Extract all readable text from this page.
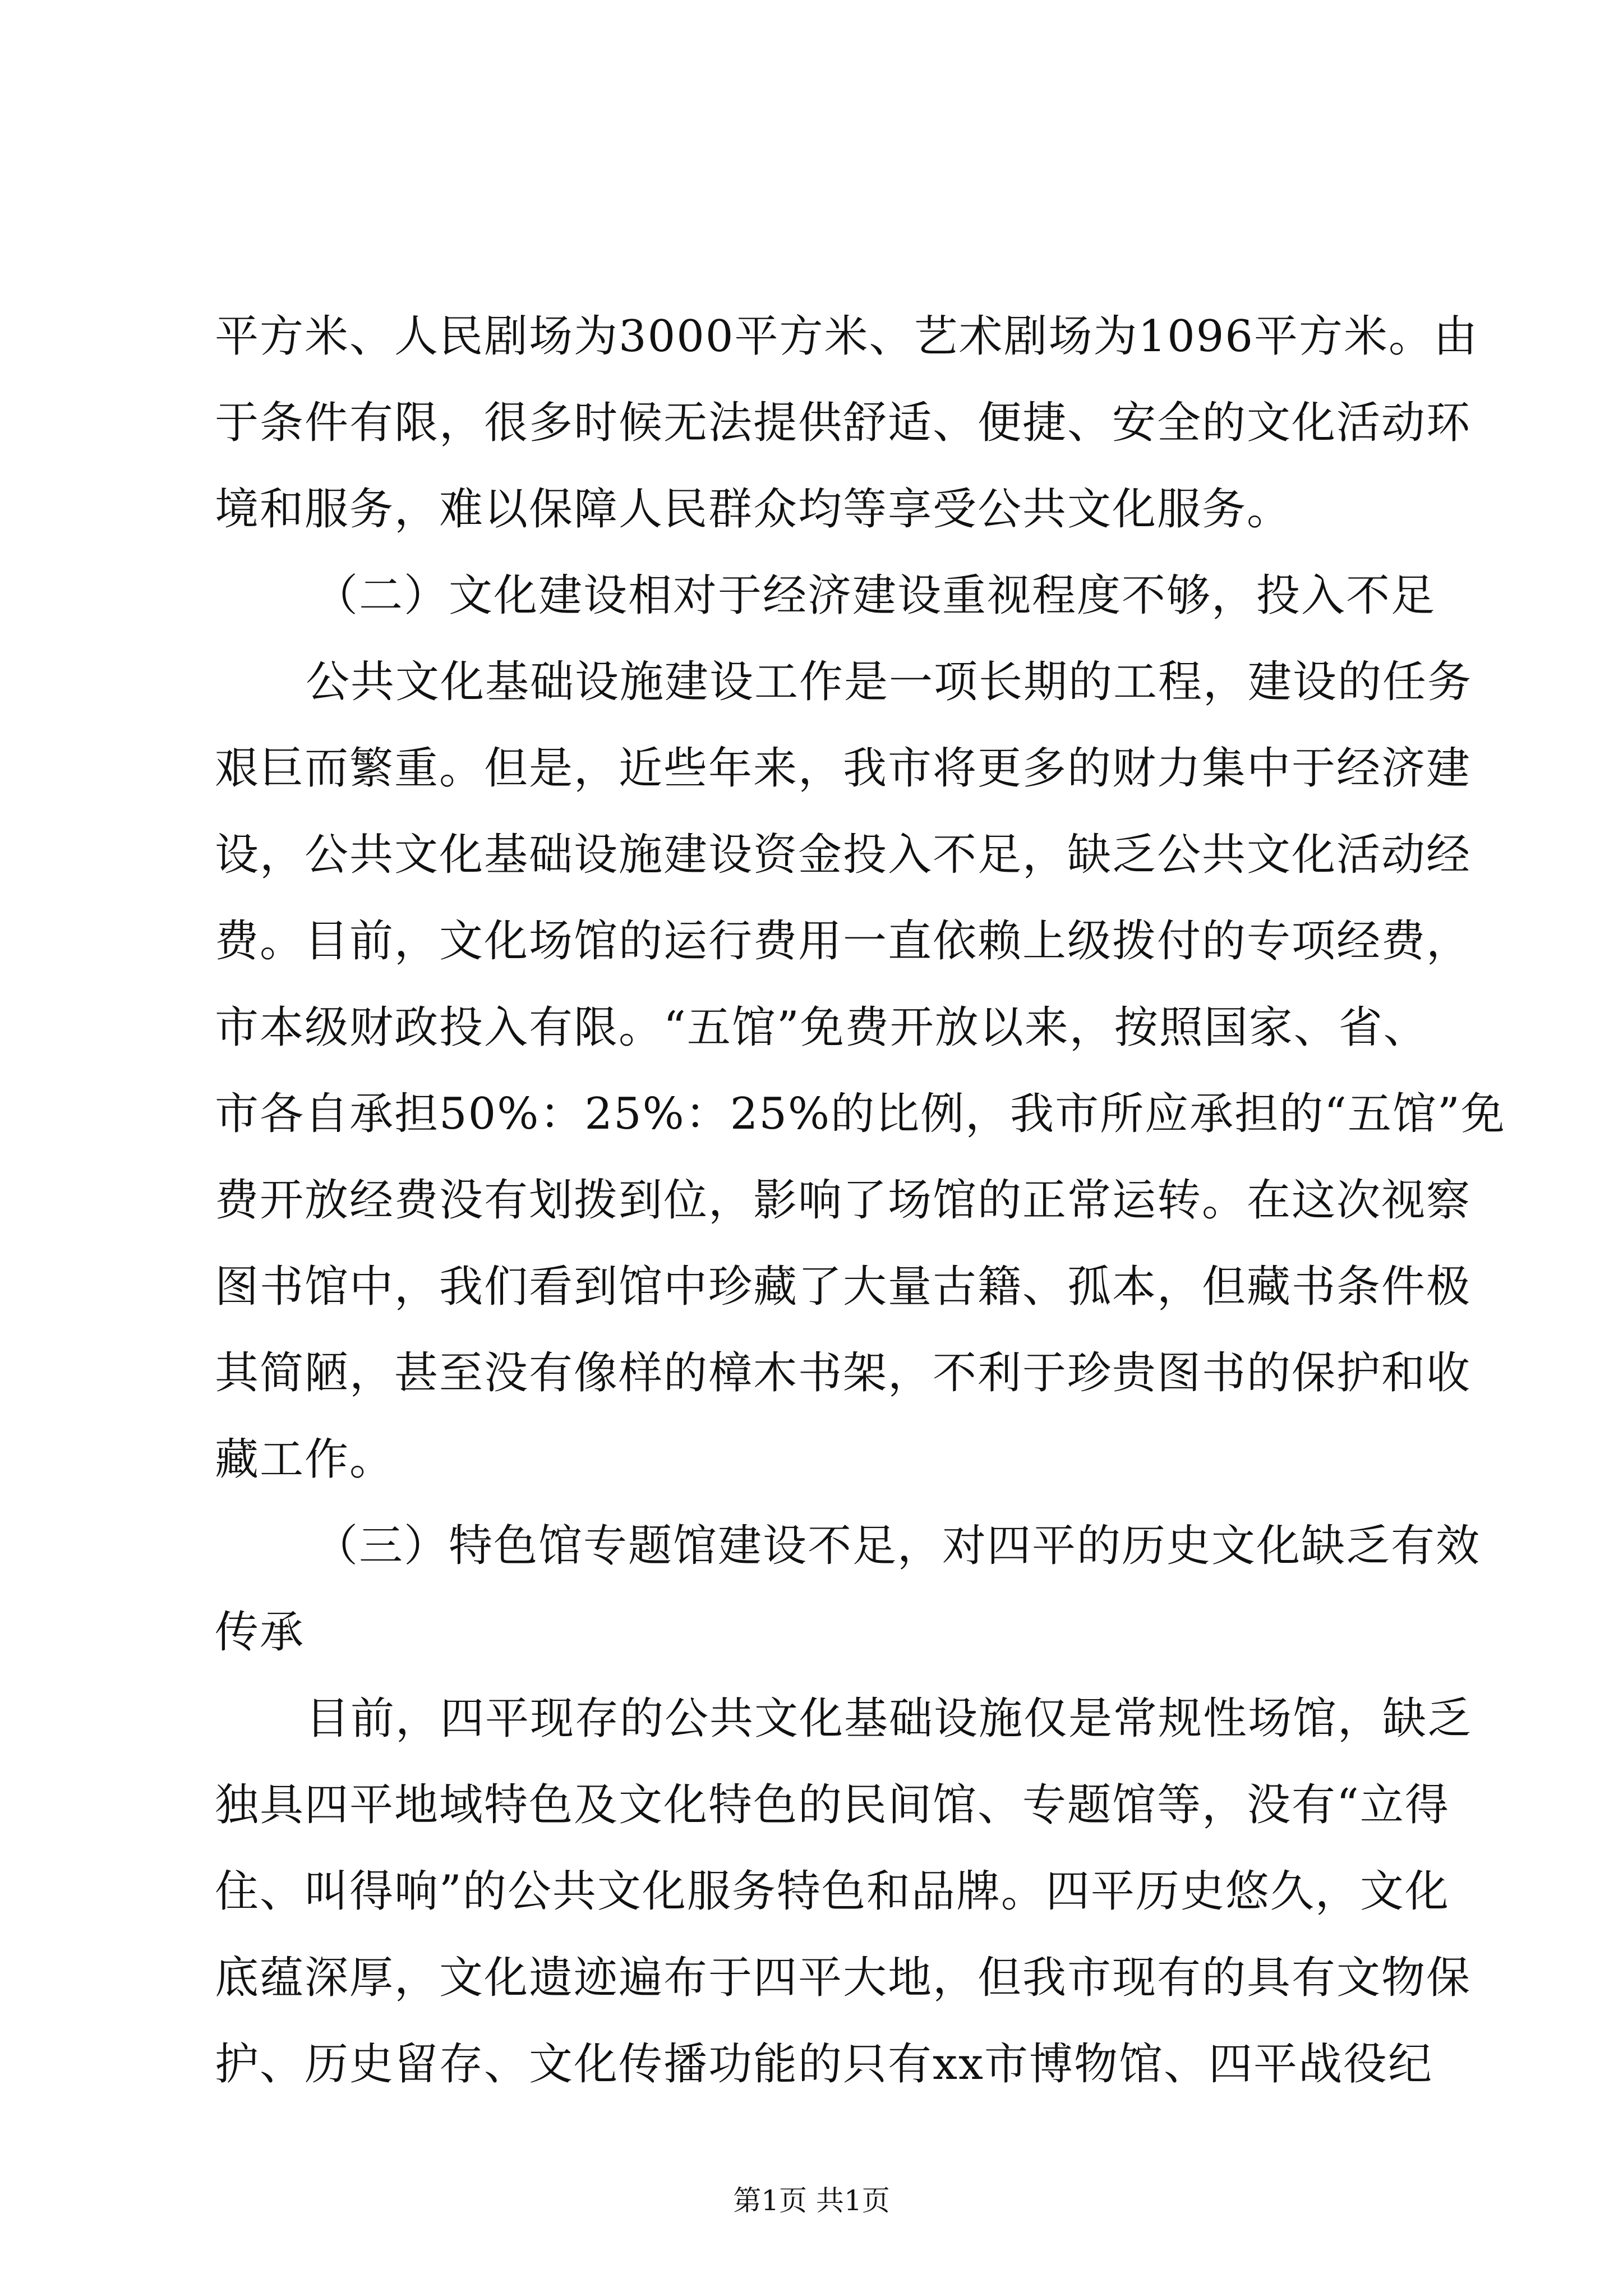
平方米、人民剧场为3000平方米、艺术剧场为1096平方米。由
于条件有限，很多时候无法提供舒适、便捷、安全的文化活动环
境和服务，难以保障人民群众均等享受公共文化服务。
（二）文化建设相对于经济建设重视程度不够，投入不足
公共文化基础设施建设工作是一项长期的工程，建设的任务
艰巨而繁重。但是，近些年来，我市将更多的财力集中于经济建
设，公共文化基础设施建设资金投入不足，缺乏公共文化活动经
费。目前，文化场馆的运行费用一直依赖上级拨付的专项经费，
市本级财政投入有限。“五馆”免费开放以来，按照国家、省、
市各自承担50%：25%：25%的比例，我市所应承担的“五馆”免
费开放经费没有划拨到位，影响了场馆的正常运转。在这次视察
图书馆中，我们看到馆中珍藏了大量古籍、孤本，但藏书条件极
其简陋，甚至没有像样的樟木书架，不利于珍贵图书的保护和收
藏工作。
（三）特色馆专题馆建设不足，对四平的历史文化缺乏有效
传承
目前，四平现存的公共文化基础设施仅是常规性场馆，缺乏
独具四平地域特色及文化特色的民间馆、专题馆等，没有“立得
住、叫得响”的公共文化服务特色和品牌。四平历史悠久，文化
底蕴深厚，文化遗迹遍布于四平大地，但我市现有的具有文物保
护、历史留存、文化传播功能的只有xx市博物馆、四平战役纪
第1页 共1页
